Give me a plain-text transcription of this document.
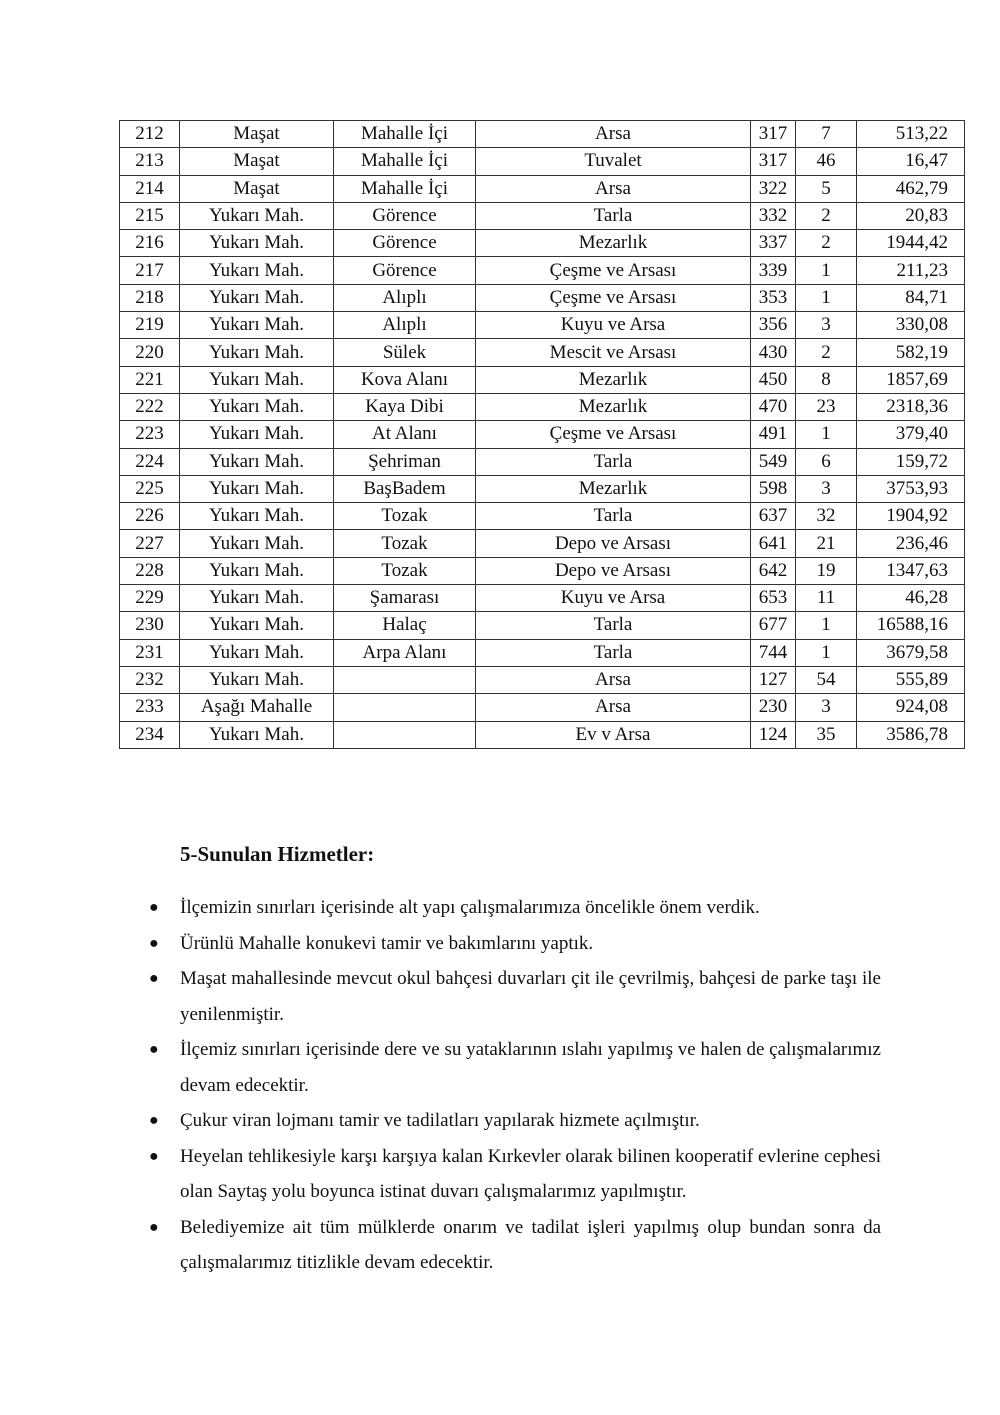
212	Maşat	Mahalle İçi	Arsa	317	7	513,22
213	Maşat	Mahalle İçi	Tuvalet	317	46	16,47
214	Maşat	Mahalle İçi	Arsa	322	5	462,79
215	Yukarı Mah.	Görence	Tarla	332	2	20,83
216	Yukarı Mah.	Görence	Mezarlık	337	2	1944,42
217	Yukarı Mah.	Görence	Çeşme ve Arsası	339	1	211,23
218	Yukarı Mah.	Alıplı	Çeşme ve Arsası	353	1	84,71
219	Yukarı Mah.	Alıplı	Kuyu ve Arsa	356	3	330,08
220	Yukarı Mah.	Sülek	Mescit ve Arsası	430	2	582,19
221	Yukarı Mah.	Kova Alanı	Mezarlık	450	8	1857,69
222	Yukarı Mah.	Kaya Dibi	Mezarlık	470	23	2318,36
223	Yukarı Mah.	At Alanı	Çeşme ve Arsası	491	1	379,40
224	Yukarı Mah.	Şehriman	Tarla	549	6	159,72
225	Yukarı Mah.	BaşBadem	Mezarlık	598	3	3753,93
226	Yukarı Mah.	Tozak	Tarla	637	32	1904,92
227	Yukarı Mah.	Tozak	Depo ve Arsası	641	21	236,46
228	Yukarı Mah.	Tozak	Depo ve Arsası	642	19	1347,63
229	Yukarı Mah.	Şamarası	Kuyu ve Arsa	653	11	46,28
230	Yukarı Mah.	Halaç	Tarla	677	1	16588,16
231	Yukarı Mah.	Arpa Alanı	Tarla	744	1	3679,58
232	Yukarı Mah.		Arsa	127	54	555,89
233	Aşağı Mahalle		Arsa	230	3	924,08
234	Yukarı Mah.		Ev v Arsa	124	35	3586,78
5-Sunulan Hizmetler:
● İlçemizin sınırları içerisinde alt yapı çalışmalarımıza öncelikle önem verdik.
● Ürünlü Mahalle konukevi tamir ve bakımlarını yaptık.
● Maşat mahallesinde mevcut okul bahçesi duvarları çit ile çevrilmiş, bahçesi de parke taşı ile yenilenmiştir.
● İlçemiz sınırları içerisinde dere ve su yataklarının ıslahı yapılmış ve halen de çalışmalarımız devam edecektir.
● Çukur viran lojmanı tamir ve tadilatları yapılarak hizmete açılmıştır.
● Heyelan tehlikesiyle karşı karşıya kalan Kırkevler olarak bilinen kooperatif evlerine cephesi olan Saytaş yolu boyunca istinat duvarı çalışmalarımız yapılmıştır.
● Belediyemize ait tüm mülklerde onarım ve tadilat işleri yapılmış olup bundan sonra da çalışmalarımız titizlikle devam edecektir.
